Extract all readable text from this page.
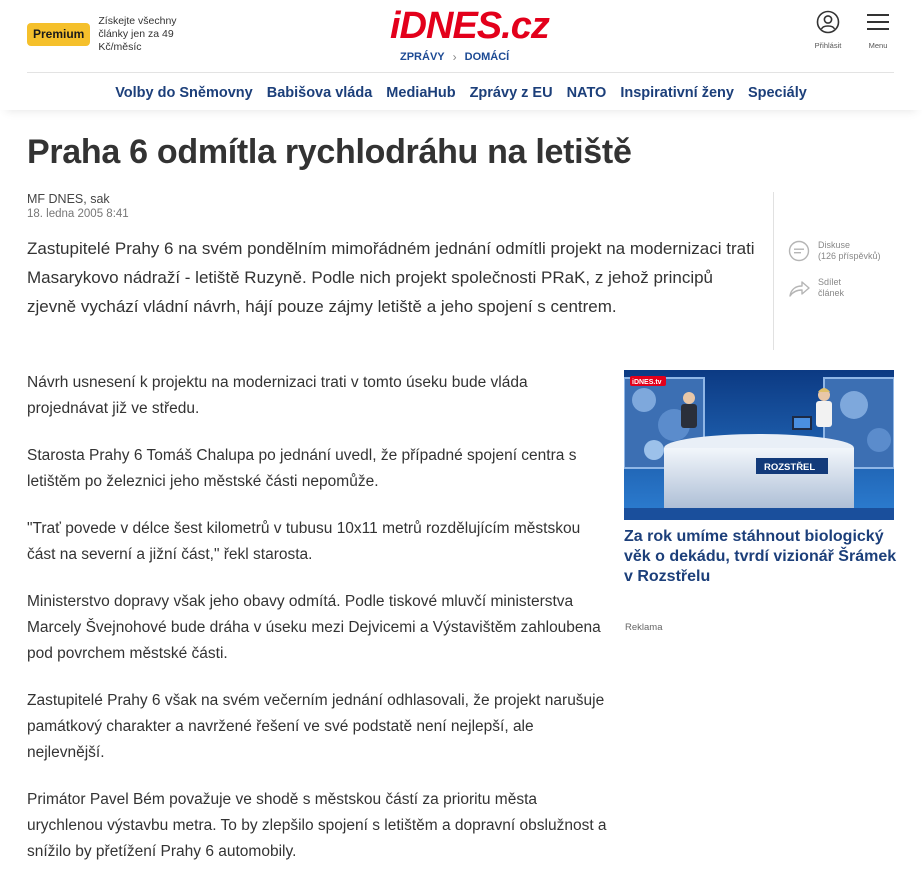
Premium
Získejte všechny články jen za 49 Kč/měsíc	iDNES.cz
ZPRÁVY › DOMÁCÍ
Přihlásit	Menu
Volby do Sněmovny Babišova vláda MediaHub Zprávy z EU NATO Inspirativní ženy Speciály
Praha 6 odmítla rychlodráhu na letiště
MF DNES, sak
18. ledna 2005 8:41

Zastupitelé Prahy 6 na svém pondělním mimořádném jednání odmítli projekt na modernizaci trati Masarykovo nádraží - letiště Ruzyně. Podle nich projekt společnosti PRaK, z jehož principů zjevně vychází vládní návrh, hájí pouze zájmy letiště a jeho spojení s centrem.

Diskuse
(126 příspěvků)
Sdílet
článek

Návrh usnesení k projektu na modernizaci trati v tomto úseku bude vláda projednávat již ve středu.

Starosta Prahy 6 Tomáš Chalupa po jednání uvedl, že případné spojení centra s letištěm po železnici jeho městské části nepomůže.

"Trať povede v délce šest kilometrů v tubusu 10x11 metrů rozdělujícím městskou část na severní a jižní část," řekl starosta.

Ministerstvo dopravy však jeho obavy odmítá. Podle tiskové mluvčí ministerstva Marcely Švejnohové bude dráha v úseku mezi Dejvicemi a Výstavištěm zahloubena pod povrchem městské části.

Zastupitelé Prahy 6 však na svém večerním jednání odhlasovali, že projekt narušuje památkový charakter a navržené řešení ve své podstatě není nejlepší, ale nejlevnější.

Primátor Pavel Bém považuje ve shodě s městskou částí za prioritu města urychlenou výstavbu metra. To by zlepšilo spojení s letištěm a dopravní obslužnost a snížilo by přetížení Prahy 6 automobily.

iDNES.tv
ROZSTŘEL
Za rok umíme stáhnout biologický věk o dekádu, tvrdí vizionář Šrámek v Rozstřelu
Reklama
